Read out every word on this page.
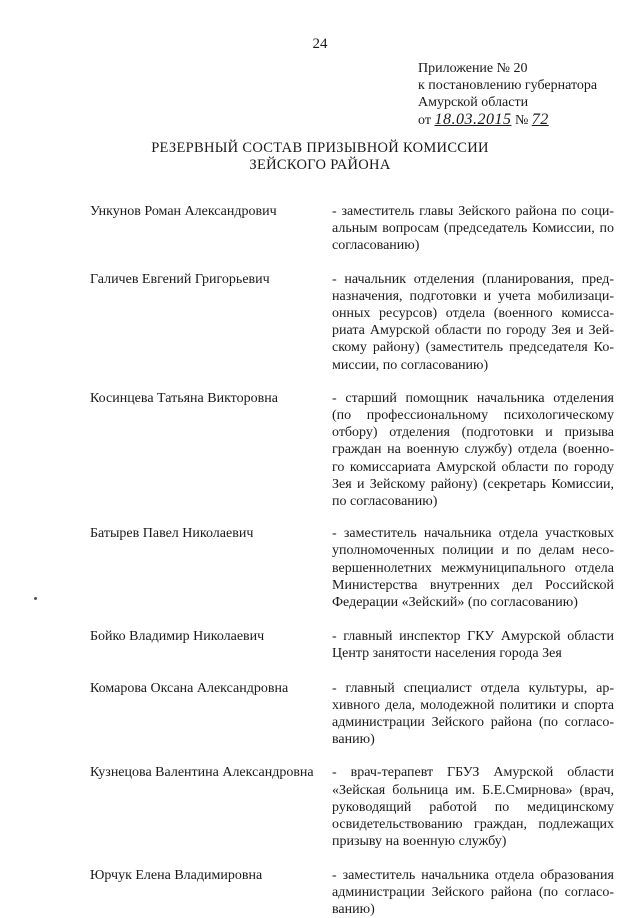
24
Приложение № 20
к постановлению губернатора
Амурской области
от 18.03.2015 № 72
РЕЗЕРВНЫЙ СОСТАВ ПРИЗЫВНОЙ КОМИССИИ
ЗЕЙСКОГО РАЙОНА
Ункунов Роман Александрович	- заместитель главы Зейского района по соци-
альным вопросам (председатель Комиссии, по
согласованию)
Галичев Евгений Григорьевич	- начальник отделения (планирования, пред-
назначения, подготовки и учета мобилизаци-
онных ресурсов) отдела (военного комисса-
риата Амурской области по городу Зея и Зей-
скому району) (заместитель председателя Ко-
миссии, по согласованию)
Косинцева Татьяна Викторовна	- старший помощник начальника отделения
(по профессиональному психологическому
отбору) отделения (подготовки и призыва
граждан на военную службу) отдела (военно-
го комиссариата Амурской области по городу
Зея и Зейскому району) (секретарь Комиссии,
по согласованию)
Батырев Павел Николаевич	- заместитель начальника отдела участковых
уполномоченных полиции и по делам несо-
вершеннолетних межмуниципального отдела
Министерства внутренних дел Российской
Федерации «Зейский» (по согласованию)
Бойко Владимир Николаевич	- главный инспектор ГКУ Амурской области
Центр занятости населения города Зея
Комарова Оксана Александровна	- главный специалист отдела культуры, ар-
хивного дела, молодежной политики и спорта
администрации Зейского района (по согласо-
ванию)
Кузнецова Валентина Александровна	- врач-терапевт ГБУЗ Амурской области
«Зейская больница им. Б.Е.Смирнова» (врач,
руководящий работой по медицинскому
освидетельствованию граждан, подлежащих
призыву на военную службу)
Юрчук Елена Владимировна	- заместитель начальника отдела образования
администрации Зейского района (по согласо-
ванию)
